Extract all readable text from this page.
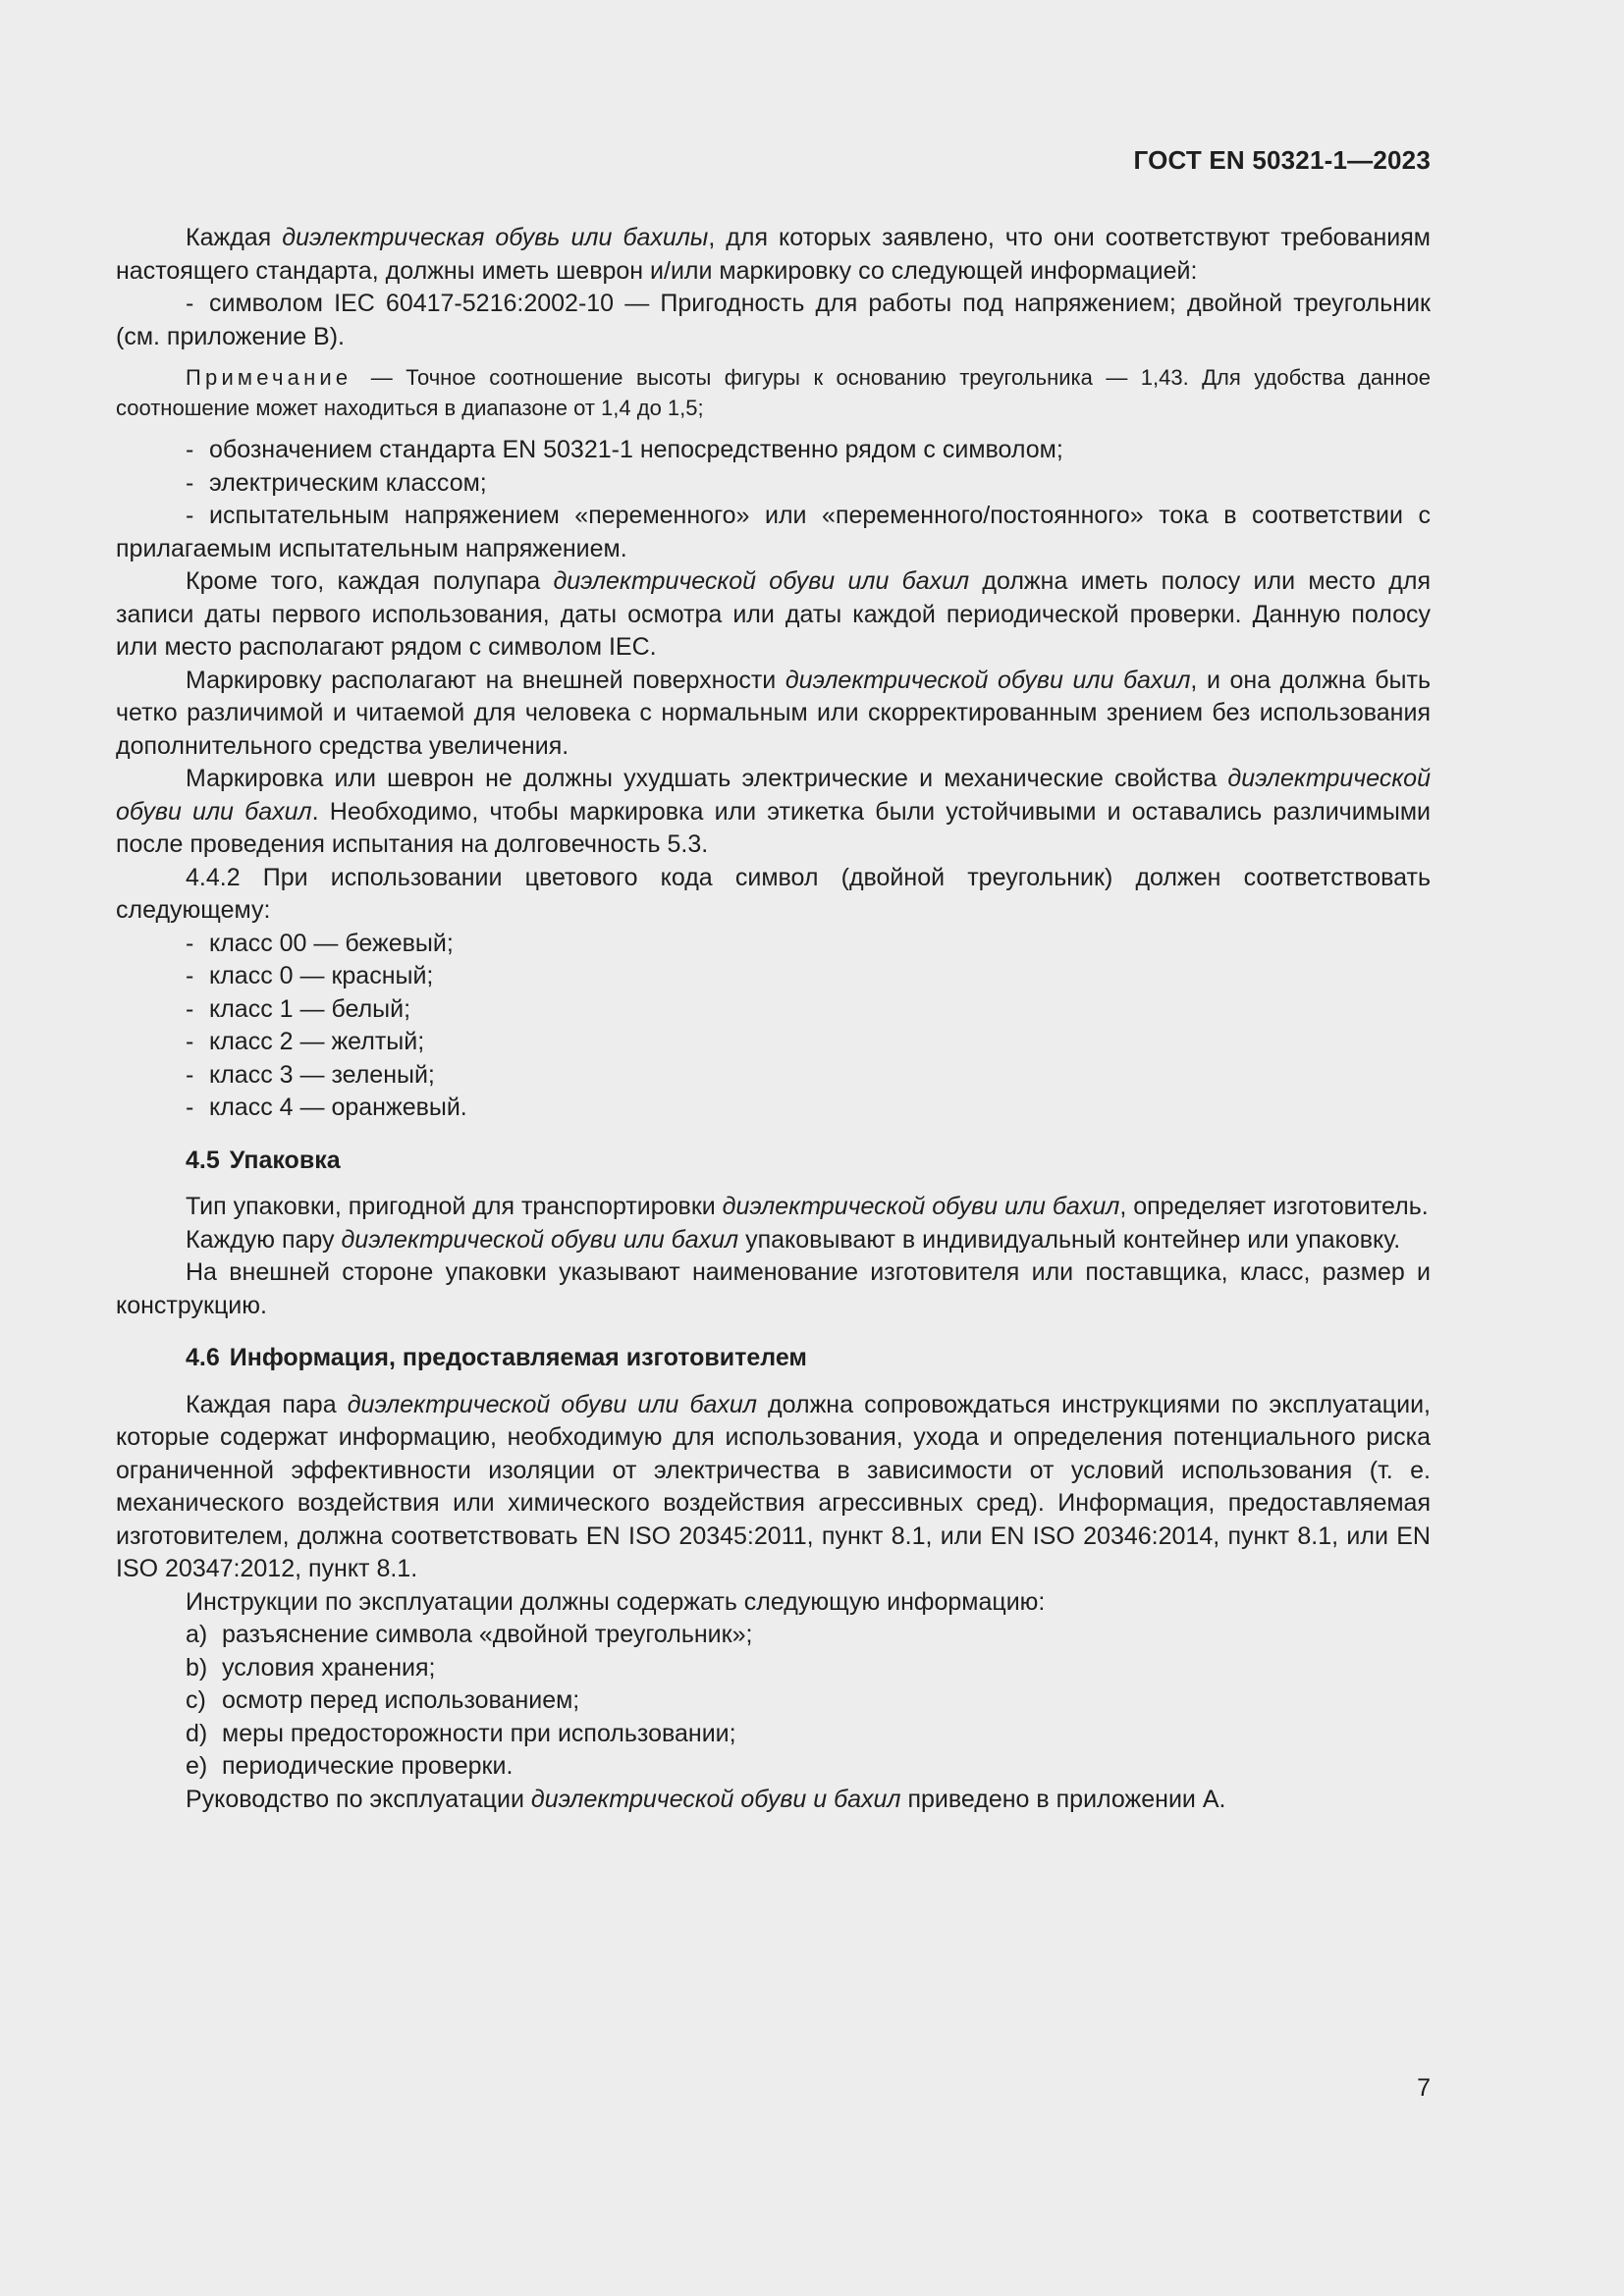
ГОСТ EN 50321-1—2023

Каждая диэлектрическая обувь или бахилы, для которых заявлено, что они соответствуют требованиям настоящего стандарта, должны иметь шеврон и/или маркировку со следующей информацией:

- символом IEC 60417-5216:2002-10 — Пригодность для работы под напряжением; двойной треугольник (см. приложение В).

Примечание — Точное соотношение высоты фигуры к основанию треугольника — 1,43. Для удобства данное соотношение может находиться в диапазоне от 1,4 до 1,5;

- обозначением стандарта EN 50321-1 непосредственно рядом с символом;

- электрическим классом;

- испытательным напряжением «переменного» или «переменного/постоянного» тока в соответствии с прилагаемым испытательным напряжением.

Кроме того, каждая полупара диэлектрической обуви или бахил должна иметь полосу или место для записи даты первого использования, даты осмотра или даты каждой периодической проверки. Данную полосу или место располагают рядом с символом IEC.

Маркировку располагают на внешней поверхности диэлектрической обуви или бахил, и она должна быть четко различимой и читаемой для человека с нормальным или скорректированным зрением без использования дополнительного средства увеличения.

Маркировка или шеврон не должны ухудшать электрические и механические свойства диэлектрической обуви или бахил. Необходимо, чтобы маркировка или этикетка были устойчивыми и оставались различимыми после проведения испытания на долговечность 5.3.

4.4.2 При использовании цветового кода символ (двойной треугольник) должен соответствовать следующему:

- класс 00 — бежевый;

- класс 0 — красный;

- класс 1 — белый;

- класс 2 — желтый;

- класс 3 — зеленый;

- класс 4 — оранжевый.

4.5 Упаковка

Тип упаковки, пригодной для транспортировки диэлектрической обуви или бахил, определяет изготовитель.

Каждую пару диэлектрической обуви или бахил упаковывают в индивидуальный контейнер или упаковку.

На внешней стороне упаковки указывают наименование изготовителя или поставщика, класс, размер и конструкцию.

4.6 Информация, предоставляемая изготовителем

Каждая пара диэлектрической обуви или бахил должна сопровождаться инструкциями по эксплуатации, которые содержат информацию, необходимую для использования, ухода и определения потенциального риска ограниченной эффективности изоляции от электричества в зависимости от условий использования (т. е. механического воздействия или химического воздействия агрессивных сред). Информация, предоставляемая изготовителем, должна соответствовать EN ISO 20345:2011, пункт 8.1, или EN ISO 20346:2014, пункт 8.1, или EN ISO 20347:2012, пункт 8.1.

Инструкции по эксплуатации должны содержать следующую информацию:

a) разъяснение символа «двойной треугольник»;

b) условия хранения;

c) осмотр перед использованием;

d) меры предосторожности при использовании;

e) периодические проверки.

Руководство по эксплуатации диэлектрической обуви и бахил приведено в приложении А.

7
